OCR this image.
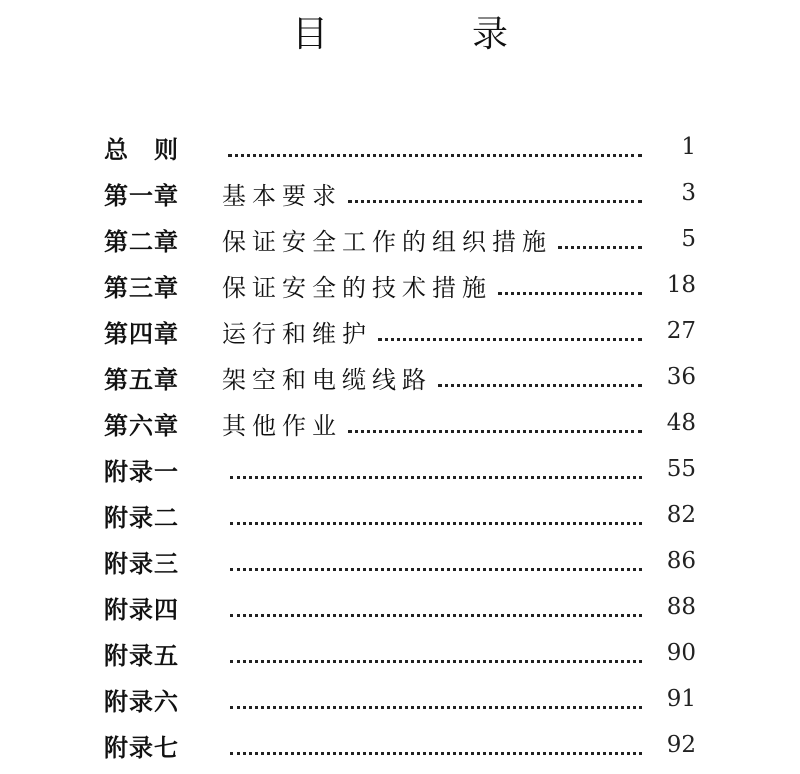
目　录
总　则	1
第一章	基本要求	3
第二章	保证安全工作的组织措施	5
第三章	保证安全的技术措施	18
第四章	运行和维护	27
第五章	架空和电缆线路	36
第六章	其他作业	48
附录一	55
附录二	82
附录三	86
附录四	88
附录五	90
附录六	91
附录七	92
